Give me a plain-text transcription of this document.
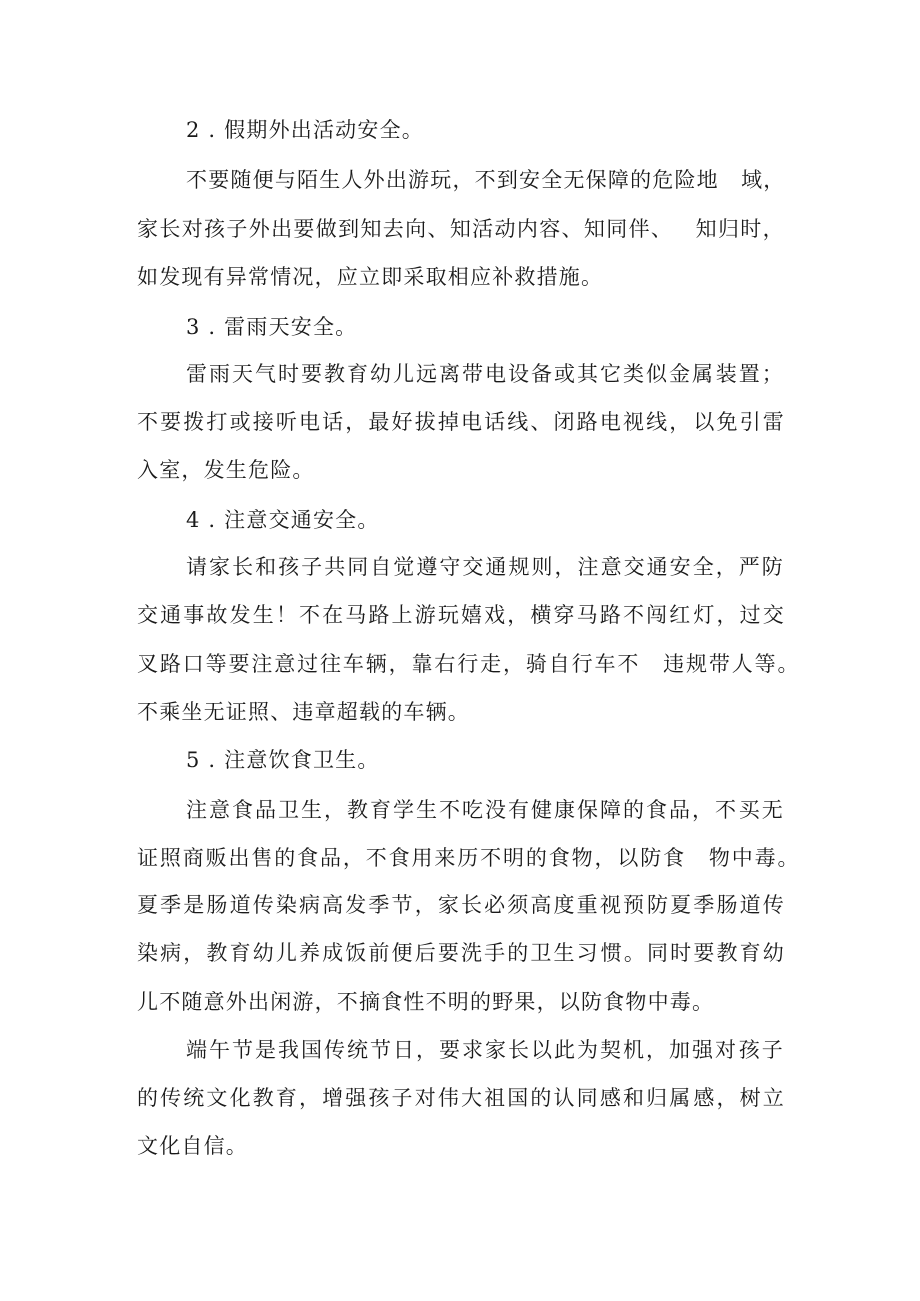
2 . 假期外出活动安全。
不 要 随 便 与 陌 生 人 外 出 游 玩 ， 不 到 安 全 无 保 障 的 危 险 地
　 域 ，
家 长 对 孩 子 外 出 要 做 到 知 去 向 、 知 活 动 内 容 、 知 同 伴 、
　 知 归 时 ，
如发现有异常情况，应立即采取相应补救措施。
3 . 雷雨天安全。
雷 雨 天 气 时 要 教 育 幼 儿 远 离 带 电 设 备 或 其 它 类 似 金 属 装 置 ；
不 要 拨 打 或 接 听 电 话 ， 最 好 拔 掉 电 话 线 、 闭 路 电 视 线 ， 以 免 引 雷
入室，发生危险。
4 . 注意交通安全。
请 家 长 和 孩 子 共 同 自 觉 遵 守 交 通 规 则 ， 注 意 交 通 安 全 ， 严 防
交 通 事 故 发 生 ！ 不 在 马 路 上 游 玩 嬉 戏 ， 横 穿 马 路 不 闯 红 灯 ， 过 交
叉 路 口 等 要 注 意 过 往 车 辆 ， 靠 右 行 走 ， 骑 自 行 车 不
　 违 规 带 人 等 。
不乘坐无证照、违章超载的车辆。
5 . 注意饮食卫生。
注 意 食 品 卫 生 ， 教 育 学 生 不 吃 没 有 健 康 保 障 的 食 品 ， 不 买 无
证 照 商 贩 出 售 的 食 品 ， 不 食 用 来 历 不 明 的 食 物 ， 以 防 食
　 物 中 毒 。
夏 季 是 肠 道 传 染 病 高 发 季 节 ， 家 长 必 须 高 度 重 视 预 防 夏 季 肠 道 传
染 病 ， 教 育 幼 儿 养 成 饭 前 便 后 要 洗 手 的 卫 生 习 惯 。 同 时 要 教 育 幼
儿不随意外出闲游，不摘食性不明的野果，以防食物中毒。
端 午 节 是 我 国 传 统 节 日 ， 要 求 家 长 以 此 为 契 机 ， 加 强 对 孩 子
的 传 统 文 化 教 育 ， 增 强 孩 子 对 伟 大 祖 国 的 认 同 感 和 归 属 感 ， 树 立
文化自信。
